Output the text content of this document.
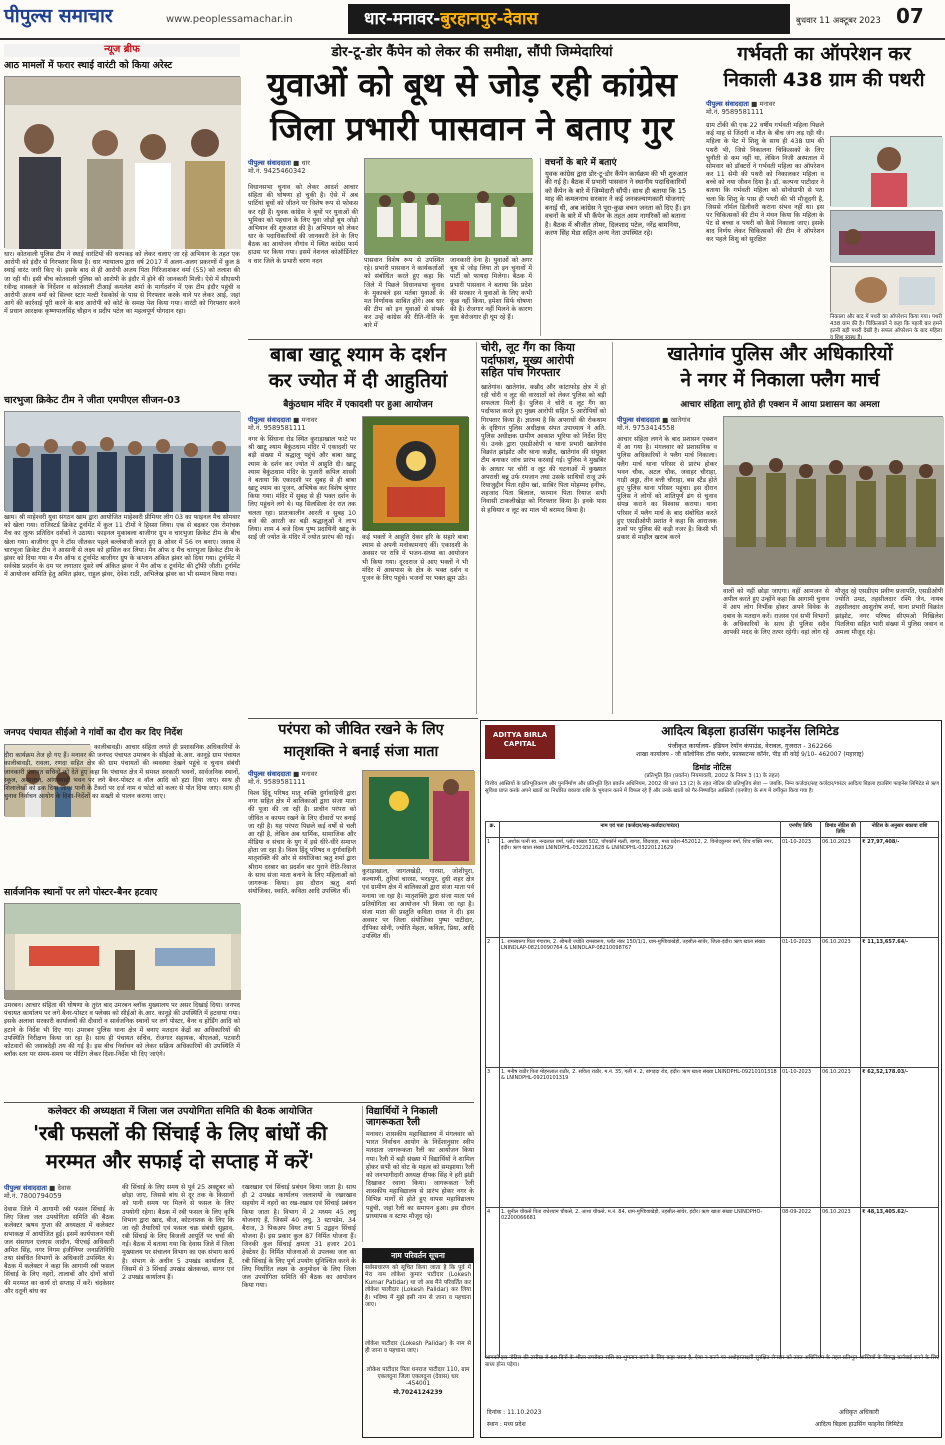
पीपुल्स समाचार	www.peoplessamachar.in	धार-मनावर-बुरहानपुर-देवास	बुधवार 11 अक्टूबर 2023 07
न्यूज ब्रीफ
आठ मामलों में फरार स्थाई वारंटी को किया अरेस्ट
धार। कोतवाली पुलिस टीम ने स्थाई वारंटियों की धरपकड़ को लेकर चलाए जा रहे अभियान के तहत एक आरोपी को इंदौर से गिरफ्तार किया है। धार न्यायालय द्वारा वर्ष 2017 में अलग-अलग प्रकरणों में कुल 8 स्थाई वारंट जारी किए थे। इसके बाद से ही आरोपी अजय पिता गिरिजाशंकर वर्मा (55) को तलाश की जा रही थी। इसी बीच कोतवाली पुलिस को आरोपी के इंदौर में होने की जानकारी मिली। ऐसे में सीएसपी रवीन्द्र वास्कले के निर्देशन व कोतवाली टीआई कमलेश शर्मा के मार्गदर्शन में एक टीम इंदौर पहुंची व आरोपी अजय वर्मा को सिल्वर स्टार मल्टी रेसकोर्स के पास से गिरफ्तार करके थाने पर लेकर आई, जहां आगे की कार्रवाई पूरी करने के बाद आरोपी को कोर्ट के समक्ष पेश किया गया। वारंटी को गिरफ्तार करने में प्रधान आरक्षक कृष्णपालसिंह चौहान व प्रदीप पटेल का महत्वपूर्ण योगदान रहा।
चारभुजा क्रिकेट टीम ने जीता एमपीएल सीजन-03
खाम। श्री माहेश्वरी युवा संगठन खाम द्वारा आयोजित माहेश्वरी प्रीमियर लीग 03 का फाइनल मैच सोमवार को खेला गया। राजिस्टर्ड क्रिकेट टूर्नामेंट में कुल 11 टीमों ने हिस्सा लिया। एक से बढ़कर एक रोमांचक मैच का लुत्फ प्रतिदिन दर्शकों ने उठाया। फाइनल मुकाबला बाजीगर ग्रुप व चारभुजा क्रिकेट टीम के बीच खेला गया। बाजीगर ग्रुप ने टॉस जीतकर पहले बल्लेबाजी करते हुए 8 ओवर में 56 रन बनाए। जवाब में चारभुजा क्रिकेट टीम ने आसानी से लक्ष्य को हासिल कर लिया। मैन ऑफ द मैच चारभुजा क्रिकेट टीम के झंवर को दिया गया व मैन ऑफ द टूर्नामेंट बाजीगर ग्रुप के कप्तान अंकित झंवर को दिया गया। टूर्नामेंट में सर्वश्रेष्ठ प्रदर्शन के दम पर लगातार दूसरे वर्ष अंकित झंवर ने मैन ऑफ द टूर्नामेंट की ट्रॉफी जीती। टूर्नामेंट में आयोजन समिति हेतु अमित झंवर, राहुल झंवर, देवेश राठी, अभिलेख झंवर का भी सम्मान किया गया।
जनपद पंचायत सीईओ ने गांवों का दौरा कर दिए निर्देश
कालीबावड़ी। आचार संहिता लगते ही प्रशासनिक अधिकारियों के दौरा कार्यक्रम तेज हो गए हैं। मनावर की जनपद पंचायत उमरबन के सीईओ के.आर. कानूड़े ग्राम पंचायत कालीबावड़ी, रावला, रणदा सहित क्षेत्र की ग्राम पंचायतों की व्यवस्था देखने पहुंचे व चुनाव संबंधी जानकारी पंचायत सचिवों को देते हुए कहा कि पंचायत क्षेत्र में समस्त सरकारी भवनों, सार्वजनिक स्थानों, स्कूल, अस्पताल, आंगनवाड़ी भवन पर लगे बैनर-पोस्टर व वॉल आदि को हटा दिया जाए। साथ ही शिलालेखों को ढक दिया जाए। पानी के टैंकरों पर दर्ज नाम व फोटो को कलर से पोत दिया जाए। साथ ही चुनाव निर्वाचन आयोग के दिशा-निर्देशों का सख्ती से पालन कराया जाए।
सार्वजनिक स्थानों पर लगे पोस्टर-बैनर हटवाए
उमरबन। आचार संहिता की घोषणा के तुरंत बाद उमरबन ब्लॉक मुख्यालय पर असर दिखाई दिया। जनपद पंचायत कार्यालय पर लगे बैनर-पोस्टर व फ्लेक्स को सीईओ के.आर. कानूड़े की उपस्थिति में हटवाया गया। इसके अलावा सरकारी कार्यालयों की दीवारों व सार्वजनिक स्थानों पर लगे पोस्टर, बैनर व होर्डिंग आदि को हटाने के निर्देश भी दिए गए। उमरबन पुलिस थाना क्षेत्र में बनाए मतदान केंद्रों का अधिकारियों की उपस्थिति निरीक्षण किया जा रहा है। साथ ही पंचायत सचिव, रोजगार सहायक, बीएलओ, पटवारी कोटवारों की जवाबदेही तय की गई है। इस बीच निर्वाचन को लेकर सक्रिय अधिकारियों की उपस्थिति में ब्लॉक स्तर पर समय-समय पर मीटिंग लेकर दिशा-निर्देश भी दिए जाएंगे।
डोर-टू-डोर कैंपेन को लेकर की समीक्षा, सौंपी जिम्मेदारियां
युवाओं को बूथ से जोड़ रही कांग्रेस
जिला प्रभारी पासवान ने बताए गुर
पीपुल्स संवाददाता ■ धार
मो.नं. 9425460342
विधानसभा चुनाव को लेकर आदर्श आचार संहिता की घोषणा हो चुकी है। ऐसे में अब पार्टियां बूथों को जीतने पर विशेष रूप से फोकस कर रही हैं। युवक कांग्रेस ने बूथों पर युवाओं की भूमिका को पहचान के लिए युवा जोड़ो बूथ जोड़ो अभियान की शुरुआत की है। अभियान को लेकर धार के पदाधिकारियों की जानकारी देने के लिए बैठक का आयोजन नौगांव में स्थित कांग्रेस फार्म हाउस पर किया गया। इसमें नेशनल कोऑर्डिनेटर व धार जिले के प्रभारी चरण नदन	पासवान विशेष रूप से उपस्थित रहे। प्रभारी पासवान ने कार्यकर्ताओं को संबोधित करते हुए कहा कि जिले में पिछले विधानसभा चुनाव के मुकाबले इस मर्तबा युवाओं के मत निर्णायक साबित होंगे। अब धार की टीम को इन युवाओं से संपर्क कर उन्हें कांग्रेस की रीति-नीति के बारे में
जानकारी देना है। युवाओं को अगर बूथ से जोड़ लिया तो इन चुनावों में पार्टी को फायदा मिलेगा। बैठक में प्रभारी पासवान ने बताया कि प्रदेश की सरकार ने युवाओं के लिए कभी कुछ नहीं किया, हमेशा सिर्फ घोषणा की है। रोजगार नहीं मिलने के कारण युवा बेरोजगार ही घूम रहे हैं।
वचनों के बारे में बताएं
युवक कांग्रेस द्वारा डोर-टू-डोर कैंपेन कार्यक्रम की भी शुरुआत की गई है। बैठक में प्रभारी पासवान ने स्थानीय पदाधिकारियों को कैंपेन के बारे में जिम्मेदारी सौंपी। साथ ही बताया कि 15 माह की कमलनाथ सरकार ने कई जनकल्याणकारी योजनाएं बनाई थी, अब कांग्रेस ने पूरा-कुछ वचन जनता को दिए हैं। इन वचनों के बारे में भी कैंपेन के तहत आम नागरिकों को बताना है। बैठक में श्रीजीत तोमर, दिलशाद पटेल, नरेंद्र बामनिया, करण सिंह मेडा सहित अन्य नेता उपस्थित रहे।
गर्भवती का ऑपरेशन कर
निकाली 438 ग्राम की पथरी
पीपुल्स संवाददाता ■ मनावर
मो.नं. 9589581111
ग्राम टोंकी की एक 22 वर्षीय गर्भवती महिला पिछले कई माह से जिंदगी व मौत के बीच जंग लड़ रही थी। महिला के पेट में शिशु के साथ ही 438 ग्राम की पथरी भी, जिसे निकालना चिकित्सकों के लिए चुनौती से कम नहीं था, लेकिन निजी अस्पताल में सोमवार को डॉक्टरों ने गर्भवती महिला का ऑपरेशन कर 11 सेमी की पथरी को निकालकर महिला व बच्चे को नया जीवन दिया है। डॉ. कल्पना पाटीदार ने बताया कि गर्भवती महिला को सोनोग्राफी से पता चला कि शिशु के पास ही पथरी की भी मौजूदगी है, जिससे नॉर्मल डिलीवरी कराना संभव नहीं था। इस पर चिकित्सकों की टीम ने मंथन किया कि महिला के पेट से बच्चा व पथरी को कैसे निकाला जाए। इसके बाद निर्णय लेकर चिकित्सकों की टीम ने ऑपरेशन कर पहले शिशु को सुरक्षित
निकाला और बाद में पथरी का ऑपरेशन किया गया। पथरी 438 ग्राम की है। चिकित्सकों ने कहा कि पहली बार हमने इतनी बड़ी पथरी देखी है। सफल ऑपरेशन के बाद महिला
बाबा खाटू श्याम के दर्शन
कर ज्योत में दी आहुतियां
बैकुंठधाम मंदिर में एकादशी पर हुआ आयोजन
पीपुल्स संवाददाता ■ मनावर
मो.नं. 9589581111
नगर के सिंघाना रोड स्थित कुराड़ाखाल फाटे पर श्री खाटू श्याम बैकुंठधाम मंदिर में एकादशी पर बड़ी संख्या में श्रद्धालु पहुंचे और बाबा खाटू श्याम के दर्शन कर ज्योत में आहुति दी। खाटू श्याम बैकुंठधाम मंदिर के पुजारी कपिल शास्त्री ने बताया कि एकादशी पर सुबह से ही बाबा खाटू श्याम का पूजन, अभिषेक कर विशेष श्रृंगार किया गया। मंदिर में सुबह से ही भक्त दर्शन के लिए पहुंचने लगे थे। यह सिलसिला देर रात तक चलता रहा। प्रातःकालीन आरती व सुबह 10 बजे की आरती का बड़ी श्रद्धालुओं ने लाभ लिया। शाम 4 बजे दिव्य पुष्प प्रदायिनी खाटू के साईं जी ज्योत के मंदिर में ज्योत प्रारंभ की गई।	कई भक्तों ने आहुति देकर हरि के सहारे बाबा श्याम से अपनी मनोकामनाएं कीं। एकादशी के अवसर पर रात्रि में भजन-संध्या का आयोजन भी किया गया। दूरदराज से आए भक्तों ने भी मंदिर में आसपास के क्षेत्र के भक्त दर्शन व पूजन के लिए पहुंचे। भजनों पर भक्त झूम उठे।
चोरी, लूट गैंग का किया
पर्दाफाश, मुख्य आरोपी
सहित पांच गिरफ्तार
खातेगांव। खातेगांव, कन्नौद और कांटाफोड़ क्षेत्र में हो रही चोरी व लूट की वारदातों को लेकर पुलिस को बड़ी सफलता मिली है। पुलिस ने चोरी व लूट गैंग का पर्दाफाश करते हुए मुख्य आरोपी सहित 5 आरोपियों को गिरफ्तार किया है। ज्ञातव्य है कि अपराधों की रोकथाम के दृष्टिगत पुलिस अधीक्षक संपत उपाध्याय ने अति. पुलिस अधीक्षक ग्रामीण आकाश भूरिया को निर्देश दिए थे। उनके द्वारा एसडीओपी व थाना प्रभारी खातेगांव विक्रांत झांझोट और थाना कन्नौद, खातेगांव की संयुक्त टीम बनाकर जांच प्रारंभ करवाई गई। पुलिस ने मुखबिर के आधार पर चोरी व लूट की घटनाओं में कुख्यात अपराधी बन्नू उर्फ रमजान तथा उसके साथियों राजू उर्फ रियाजुद्दीन पिता रहीम खां, साबिर पिता मोहम्मद हनीफ, शहजाद पिता बिलाल, फरमान पिता रियाज सभी निवासी टाकलीखेड़ा को गिरफ्तार किया है। इनके पास से हथियार व लूट का माल भी बरामद किया है।
खातेगांव पुलिस और अधिकारियों
ने नगर में निकाला फ्लैग मार्च
आचार संहिता लागू होते ही एक्शन में आया प्रशासन का अमला
पीपुल्स संवाददाता ■ खातेगांव
मो.नं. 9753414558
आचार संहिता लगने के बाद प्रशासन एक्शन में आ गया है। मंगलवार को प्रशासनिक व पुलिस अधिकारियों ने फ्लैग मार्च निकाला। फ्लैग मार्च थाना परिसर से प्रारंभ होकर भवन चौक, अटल चौक, जवाहर चौराहा, गाड़ी अड्डा, तीन बत्ती चौराहा, बस स्टैंड होते हुए पुलिस थाना परिसर पहुंचा। इस दौरान पुलिस ने लोगों को शांतिपूर्ण ढंग से चुनाव संपन्न कराने का विश्वास कराया। थाना परिसर में फ्लैग मार्च के बाद संबोधित करते हुए एसडीओपी प्रशांत ने कहा कि आराजक तत्वों पर पुलिस की कड़ी नजर है। किसी भी प्रकार से माहौल खराब करने
वालों को नहीं छोड़ा जाएगा। वहीं आमजन से अपील करते हुए उन्होंने कहा कि आगामी चुनाव में आप लोग निर्भीक होकर अपने विवेक के दबाव के मतदान करें। राजस्व एवं सभी विभागों के अधिकारियों के साथ ही पुलिस सदैव आपकी मदद के लिए तत्पर रहेगी। वहां लोग रहे
मौजूद रहे एसडीएम प्रवीण प्रजापति, एसडीओपी ज्योति उमठ, तहसीलदार रश्मि जैन, नायब तहसीलदार आशुतोष शर्मा, थाना प्रभारी विक्रांत झांझोट, नगर परिषद सीएमओ निखिलेश पितलिया सहित भारी संख्या में पुलिस जवान व अमला मौजूद रहे।
परंपरा को जीवित रखने के लिए
मातृशक्ति ने बनाई संजा माता
पीपुल्स संवाददाता ■ मनावर
मो.नं. 9589581111
विश्व हिंदू परिषद मातृ शक्ति दुर्गावाहिनी द्वारा नगर सहित क्षेत्र में बालिकाओं द्वारा संजा माता की पूजा की जा रही है। प्राचीन परंपरा को जीवित व कायम रखने के लिए दीवारों पर बनाई जा रही है। यह परंपरा पिछले कई वर्षों से चली आ रही है, लेकिन अब धार्मिक, सामाजिक और मीडिया व संचार के युग में इसे धीरे-धीरे समाप्त होता जा रहा है। विश्व हिंदू परिषद व दुर्गावाहिनी मातृशक्ति की ओर से संयोजिका ऋतु शर्मा द्वारा श्रीराम दरबार का प्रदर्शन कर पुराने रीति-रिवाज के साथ संजा माता बनाने के लिए महिलाओं को जागरूक किया। इस दौरान ऋतु शर्मा संयोजिका, स्वाति, कविता आदि उपस्थित थीं।
कुराड़ाखाल, जागलखेड़ी, गारसा, जोशीपुरा, कल्याणी, तुरियां चारसा, भरड़पुर, दुधी शहर क्षेत्र एवं ग्रामीण क्षेत्र में बालिकाओं द्वारा संजा माता पर्व मनाया जा रहा है। मातृशक्ति द्वारा संजा माता पर्व प्रतियोगिता का आयोजन भी किया जा रहा है। संजा माता की प्रस्तुति कविता रावत ने दी। इस अवसर पर जिला संयोजिका पुष्पा पाटीदार, दीपिका सोनी, ज्योति मेहता, कविता, प्रिया, आदि उपस्थित थीं।
ADITYA BIRLA
CAPITAL
आदित्य बिड़ला हाउसिंग फाइनेंस लिमिटेड
पंजीकृत कार्यालय- इंडियन रेयॉन कंपाउंड, वेरावल, गुजरात - 362266
शाखा कार्यालय - जी कॉलोनिक टॉक फ्लोर, फ़ाक्सटन्स कॉर्नर, पीड़ सी कोई 9/10- 462007 (महाराष्ट्र)
डिमांड नोटिस
(प्रतिभूति हित (प्रवर्तन) नियमावली, 2002 के नियम 3 (1) के तहत)
वित्तीय आस्तियों के प्रतिभूतिकरण और पुनर्निर्माण और प्रतिभूति हित प्रवर्तन अधिनियम, 2002 की धारा 13 (2) के तहत नोटिस की प्रतिभूतिय सेवा — जबकि, निम्न कर्जदार/सह कर्जदार/गारंटर आदित्य बिड़ला हाउसिंग फाइनेंस लिमिटेड से ऋण सुविधा प्राप्त करके अपने खातों का निर्धारित बकाया राशि के भुगतान करने में विफल रहे हैं और उनके खातों को गैर-निष्पादित आस्तियों (एनपीए) के रूप में वर्गीकृत किया गया है।
क्र.	नाम एवं पता (कर्जदार/सह-कर्जदार/गारंटर)	एनपीए तिथि	डिमांड नोटिस की तिथि	नोटिस के अनुसार बकाया राशि
1	1. अशोक पत्नी स्व. नन्दलाल वर्मा, प्लॉट संख्या 502, पॉपकॉर्न मल्टी, बागड़, छिंदवाड़ा, मध्य प्रदेश-452012, 2. विनोदकुमार वर्मा, शिव शक्ति नगर, इंदौर। ऋण खाता संख्या LNINDPHL-0322021628 & LNINDPHL-03220121629	01-10-2023	06.10.2023	₹ 27,97,408/-
2	1. रामस्वरूप पिता गंगाराम, 2. श्रीमती ज्योति रामस्वरूप, प्लॉट नंबर 150/1/1, ग्राम-मुण्डियाखेड़ी, तहसील-सांवेर, जिला-इंदौर। ऋण खाता संख्या LNINDLAP-08210090764 & LNINDLAP-08210098767	01-10-2023	06.10.2023	₹ 11,13,657.64/-
3	1. मनीष राठौर पिता मोहनलाल राठौर, 2. सविता राठौर, म.नं. 35, गली नं. 2, बांगड़दा रोड, इंदौर। ऋण खाता संख्या LNINDPHL-09210101318 & LNINDPHL-09210101319	01-10-2023	06.10.2023	₹ 62,52,178.03/-
4	1. सुनील चौकसे पिता राधेश्याम चौकसे, 2. आशा चौकसे, म.नं. 84, ग्राम-मुण्डियाखेड़ी, तहसील-सांवेर, इंदौर। ऋण खाता संख्या LNINDPHO-02200066681	08-09-2022	06.10.2023	₹ 48,13,405.62/-
आपको इस नोटिस की तारीख से 60 दिनों के भीतर उपरोक्त राशि का भुगतान करने के लिए कहा जाता है, ऐसा न करने पर अधोहस्ताक्षरी सुरक्षित लेनदार को उक्त अधिनियम के तहत प्रतिभूत आस्तियों के विरुद्ध कार्रवाई करने के लिए बाध्य होना पड़ेगा।
दिनांक : 11.10.2023
स्थान : मध्य प्रदेश
अधिकृत अधिकारी
आदित्य बिड़ला हाउसिंग फाइनेंस लिमिटेड
कलेक्टर की अध्यक्षता में जिला जल उपयोगिता समिति की बैठक आयोजित
'रबी फसलों की सिंचाई के लिए बांधों की
मरम्मत और सफाई दो सप्ताह में करें'
पीपुल्स संवाददाता ■ देवास
मो.नं. 7800794059
देवास जिले में आगामी रबी फसल सिंचाई के लिए जिला जल उपयोगिता समिति की बैठक कलेक्टर ऋषव गुप्ता की अध्यक्षता में कलेक्टर सभाकक्ष में आयोजित हुई। इसमें कार्यपालन यंत्री जल संसाधन एलएस जादौन, पीएचई अधिकारी अमित सिंह, नगर निगम इंजीनियर जनप्रतिनिधि तथा संबंधित विभागों के अधिकारी उपस्थित थे। बैठक में कलेक्टर ने कहा कि आगामी रबी फसल सिंचाई के लिए नहरों, तालाबों और दोनों बांधों की मरम्मत का कार्य दो सप्ताह में करें। चंदकेसर और दतूनी बांध का
की सिंचाई के लिए समय से पूर्व 25 अक्टूबर को छोड़ा जाए, जिससे बांध से दूर तक के किसानों को पानी समय पर मिलने से फसल के लिए उपयोगी रहेगा। बैठक में रबी फसल के लिए कृषि विभाग द्वारा खाद, बीज, कोटनाशक के लिए कि जा रही तैयारियों एवं फसल चक्र संबंधी सुझाव, रबी सिंचाई के लिए बिजली आपूर्ति पर चर्चा की गई। बैठक में बताया गया कि देवास जिले में जिला मुख्यालय पर संचालन विभाग का एक संभाग कार्य है। संभाग के अधीन 5 उपखंड कार्यालय हैं, जिसमें से 3 सिंचाई उपखंड खेतकच्छ, सागर एवं 2 उपखंड कार्यालय हैं।
रखरखाव एवं सिंचाई प्रबंधन किया जाता है। साथ ही 2 उपखंड कार्यालय जलाशयों के रखरखाव सहयोग में नहरों का रख-रखाव एवं सिंचाई प्रबंधन किया जाता है। विभाग में 2 मध्यम 45 लघु योजनाएं हैं, जिसमें 40 लघु, 3 स्टापडेम, 34 बैराज, 3 पिकअप वियर तथा 5 उद्वहन सिंचाई योजना हैं। इस प्रकार कुल 87 निर्मित योजना हैं। जिनकी कुल सिंचाई क्षमता 31 हजार 201 हेक्टेयर है। निर्मित योजनाओं से उपलब्ध जल का रबी सिंचाई के लिए पूर्ण उपयोग सुनिश्चित करने के लिए निर्धारित लक्ष्य के अनुमोदन के लिए जिला जल उपयोगिता समिति की बैठक का आयोजन किया गया।
विद्यार्थियों ने निकाली
जागरूकता रैली
मनावर। शासकीय महाविद्यालय में मंगलवार को भारत निर्वाचन आयोग के निर्देशानुसार स्वीप मतदाता जागरूकता रैली का आयोजन किया गया। रैली में बड़ी संख्या में विद्यार्थियों ने शामिल होकर सभी को वोट के महत्व को समझाया। रैली को जनभागीदारी अध्यक्ष दीपक सिंह ने हरी झंडी दिखाकर रवाना किया। जागरूकता रैली शासकीय महाविद्यालय से प्रारंभ होकर नगर के विभिन्न मार्गों से होते हुए वापस महाविद्यालय पहुंची, जहां रैली का समापन हुआ। इस दौरान प्राध्यापक व स्टाफ मौजूद रहे।
नाम परिवर्तन सूचना
सर्वसाधारण को सूचित किया जाता है कि पूर्व में मेरा नाम लोकेश कुमार पाटीदार (Lokesh Kumar Patidar) था जो अब मैंने परिवर्तित कर लोकेश पालीदार (Lokesh Palidar) कर लिया है। भविष्य में मुझे इसी नाम से जाना व पहचाना जाए।
लोकेश पाटीदार (Lokesh Palidar) के नाम से ही जाना व पहचाना जाए।
लोकेश पाटीदार पिता धनराज पाटीदार 110, ग्राम एकलदुना जिला एकलदुना (देवास) धार -454001
मो.7024124239
